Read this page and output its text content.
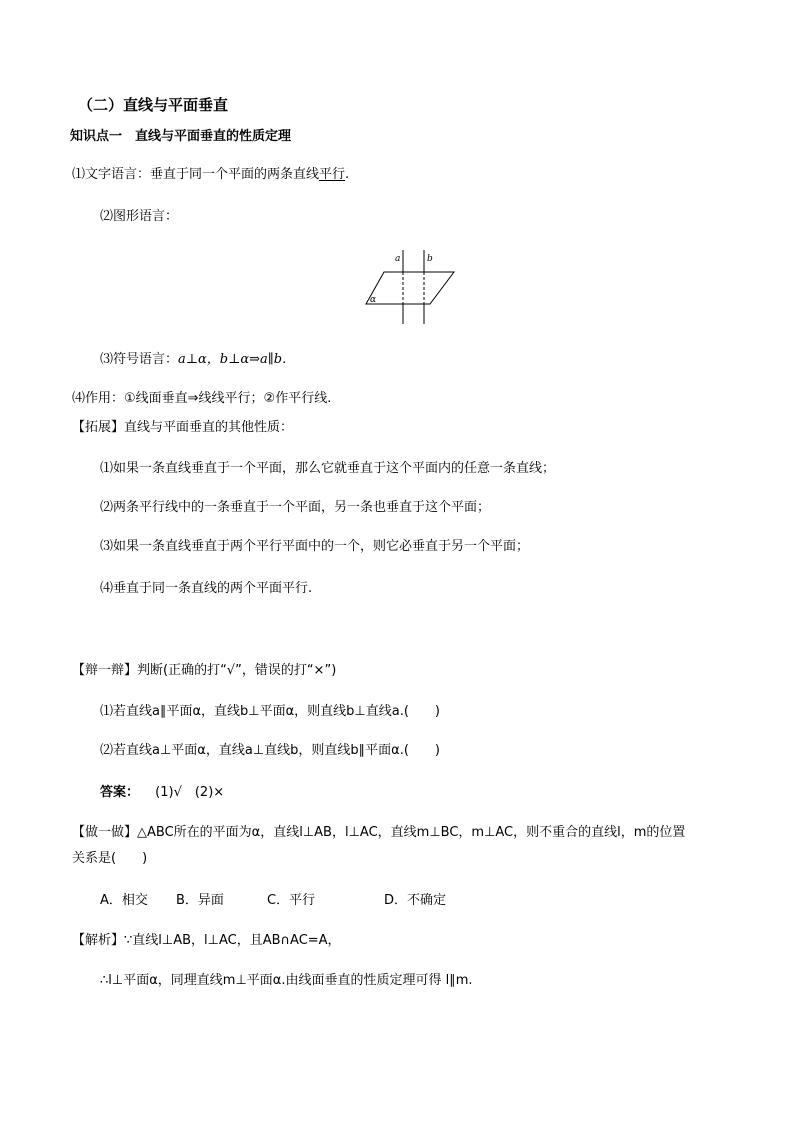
（二）直线与平面垂直
知识点一　直线与平面垂直的性质定理
⑴文字语言：垂直于同一个平面的两条直线平行.
⑵图形语言：
a	b
α
⑶符号语言：a⊥α，b⊥α⇒a∥b.
⑷作用：①线面垂直⇒线线平行；②作平行线.
【拓展】直线与平面垂直的其他性质：
⑴如果一条直线垂直于一个平面，那么它就垂直于这个平面内的任意一条直线；
⑵两条平行线中的一条垂直于一个平面，另一条也垂直于这个平面；
⑶如果一条直线垂直于两个平行平面中的一个，则它必垂直于另一个平面；
⑷垂直于同一条直线的两个平面平行.
【辩一辩】判断(正确的打“√”，错误的打“×”)
⑴若直线a∥平面α，直线b⊥平面α，则直线b⊥直线a.(　　)
⑵若直线a⊥平面α，直线a⊥直线b，则直线b∥平面α.(　　)
答案： (1)√　(2)×
【做一做】△ABC所在的平面为α，直线l⊥AB，l⊥AC，直线m⊥BC，m⊥AC，则不重合的直线l，m的位置
关系是(　　)
A．相交 B．异面	C．平行	D．不确定
【解析】∵直线l⊥AB，l⊥AC，且AB∩AC=A，
∴l⊥平面α，同理直线m⊥平面α.由线面垂直的性质定理可得 l∥m.
